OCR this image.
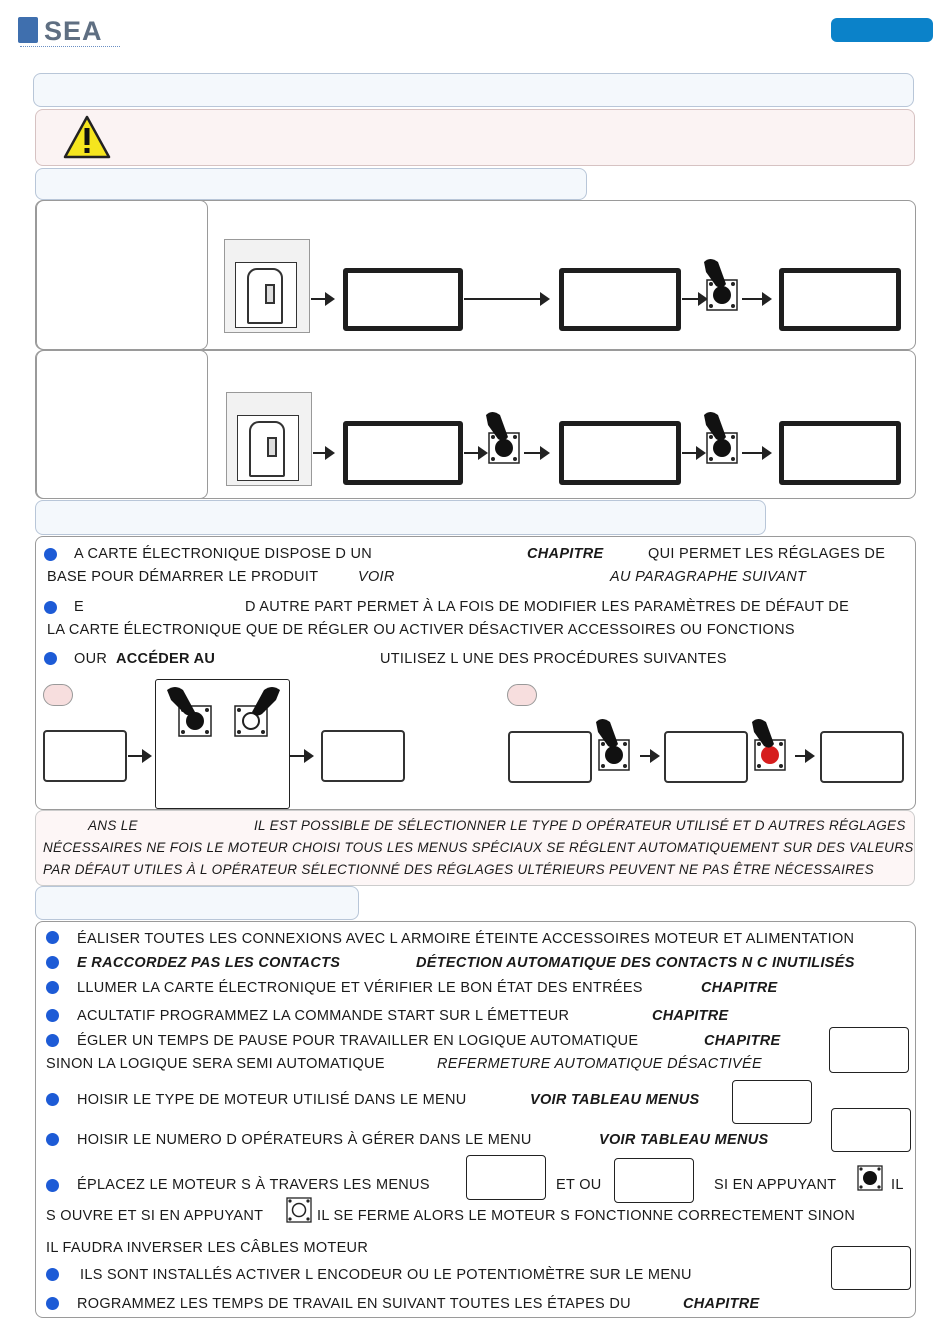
SEA
A CARTE ÉLECTRONIQUE DISPOSE D UN	CHAPITRE	QUI PERMET LES RÉGLAGES DE
BASE POUR DÉMARRER LE PRODUIT	VOIR	AU PARAGRAPHE SUIVANT
E	D AUTRE PART PERMET À LA FOIS DE MODIFIER LES PARAMÈTRES DE DÉFAUT DE
LA CARTE ÉLECTRONIQUE QUE DE RÉGLER OU ACTIVER DÉSACTIVER ACCESSOIRES OU FONCTIONS
OUR ACCÉDER AU	UTILISEZ L UNE DES PROCÉDURES SUIVANTES
ANS LE	IL EST POSSIBLE DE SÉLECTIONNER LE TYPE D OPÉRATEUR UTILISÉ ET D AUTRES RÉGLAGES
NÉCESSAIRES NE FOIS LE MOTEUR CHOISI TOUS LES MENUS SPÉCIAUX SE RÉGLENT AUTOMATIQUEMENT SUR DES VALEURS
PAR DÉFAUT UTILES À L OPÉRATEUR SÉLECTIONNÉ DES RÉGLAGES ULTÉRIEURS PEUVENT NE PAS ÊTRE NÉCESSAIRES
ÉALISER TOUTES LES CONNEXIONS AVEC L ARMOIRE ÉTEINTE ACCESSOIRES MOTEUR ET ALIMENTATION
E RACCORDEZ PAS LES CONTACTS	DÉTECTION AUTOMATIQUE DES CONTACTS N C INUTILISÉS
LLUMER LA CARTE ÉLECTRONIQUE ET VÉRIFIER LE BON ÉTAT DES ENTRÉES	CHAPITRE
ACULTATIF PROGRAMMEZ LA COMMANDE START SUR L ÉMETTEUR	CHAPITRE
ÉGLER UN TEMPS DE PAUSE POUR TRAVAILLER EN LOGIQUE AUTOMATIQUE	CHAPITRE
SINON LA LOGIQUE SERA SEMI AUTOMATIQUE	REFERMETURE AUTOMATIQUE DÉSACTIVÉE
HOISIR LE TYPE DE MOTEUR UTILISÉ DANS LE MENU	VOIR TABLEAU MENUS
HOISIR LE NUMERO D OPÉRATEURS À GÉRER DANS LE MENU	VOIR TABLEAU MENUS
ÉPLACEZ LE MOTEUR S À TRAVERS LES MENUS	ET OU	SI EN APPUYANT	IL
S OUVRE ET SI EN APPUYANT	IL SE FERME ALORS LE MOTEUR S FONCTIONNE CORRECTEMENT SINON
IL FAUDRA INVERSER LES CÂBLES MOTEUR
ILS SONT INSTALLÉS ACTIVER L ENCODEUR OU LE POTENTIOMÈTRE SUR LE MENU
ROGRAMMEZ LES TEMPS DE TRAVAIL EN SUIVANT TOUTES LES ÉTAPES DU	CHAPITRE
